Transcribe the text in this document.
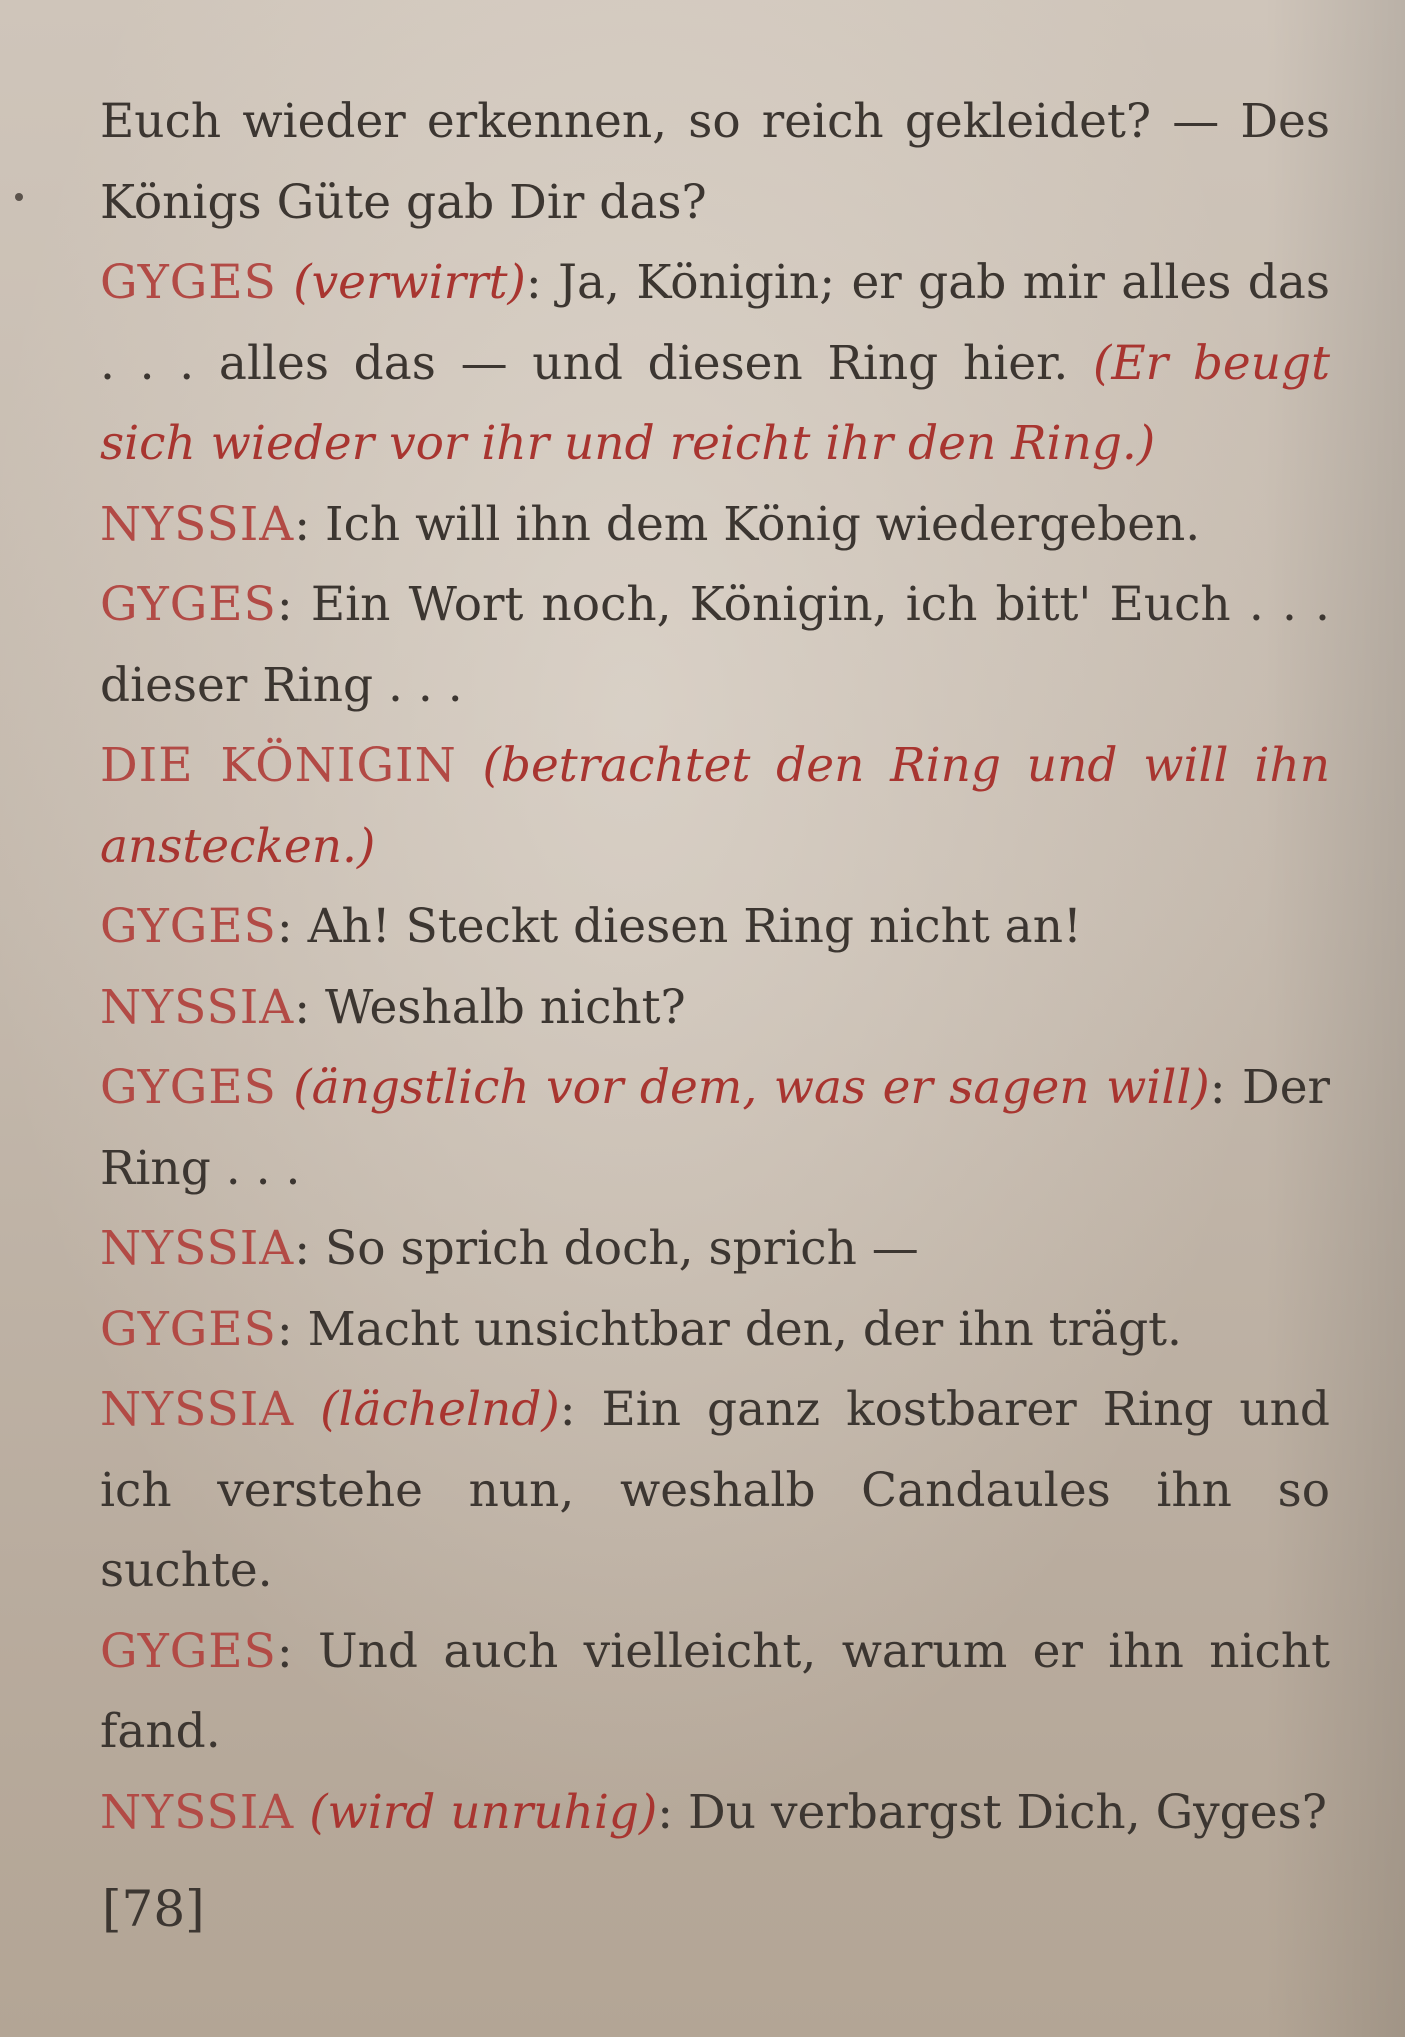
Euch wieder erkennen, so reich gekleidet? — Des Königs Güte gab Dir das?

GYGES (verwirrt): Ja, Königin; er gab mir alles das . . . alles das — und diesen Ring hier. (Er beugt sich wieder vor ihr und reicht ihr den Ring.)

NYSSIA: Ich will ihn dem König wiedergeben.

GYGES: Ein Wort noch, Königin, ich bitt' Euch . . . dieser Ring . . .

DIE KÖNIGIN (betrachtet den Ring und will ihn anstecken.)

GYGES: Ah! Steckt diesen Ring nicht an!

NYSSIA: Weshalb nicht?

GYGES (ängstlich vor dem, was er sagen will): Der Ring . . .

NYSSIA: So sprich doch, sprich —

GYGES: Macht unsichtbar den, der ihn trägt.

NYSSIA (lächelnd): Ein ganz kostbarer Ring und ich verstehe nun, weshalb Candaules ihn so suchte.

GYGES: Und auch vielleicht, warum er ihn nicht fand.

NYSSIA (wird unruhig): Du verbargst Dich, Gyges?

[78]
